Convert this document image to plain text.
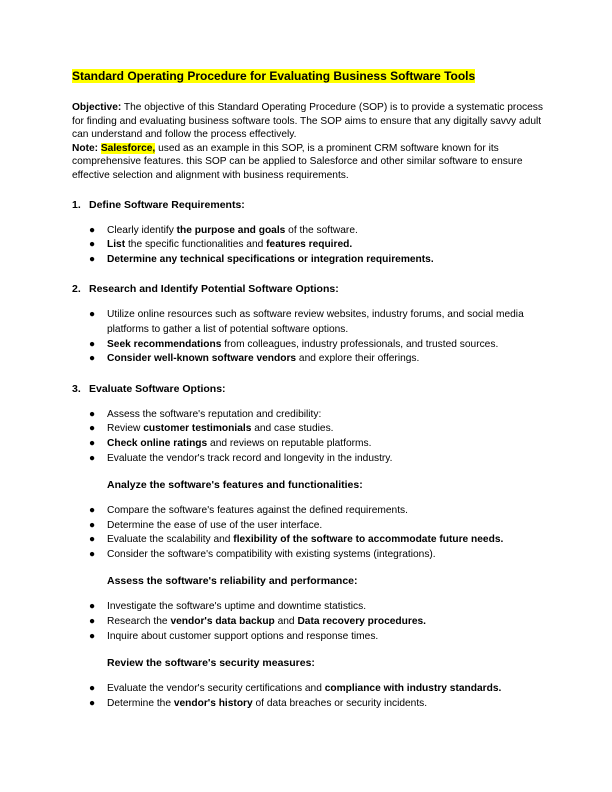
Standard Operating Procedure for Evaluating Business Software Tools

Objective: The objective of this Standard Operating Procedure (SOP) is to provide a systematic process for finding and evaluating business software tools. The SOP aims to ensure that any digitally savvy adult can understand and follow the process effectively.

Note: Salesforce, used as an example in this SOP, is a prominent CRM software known for its comprehensive features. this SOP can be applied to Salesforce and other similar software to ensure effective selection and alignment with business requirements.

1. Define Software Requirements:
● Clearly identify the purpose and goals of the software.
● List the specific functionalities and features required.
● Determine any technical specifications or integration requirements.
2. Research and Identify Potential Software Options:
● Utilize online resources such as software review websites, industry forums, and social media platforms to gather a list of potential software options.
● Seek recommendations from colleagues, industry professionals, and trusted sources.
● Consider well-known software vendors and explore their offerings.
3. Evaluate Software Options:
● Assess the software's reputation and credibility:
● Review customer testimonials and case studies.
● Check online ratings and reviews on reputable platforms.
● Evaluate the vendor's track record and longevity in the industry.
Analyze the software's features and functionalities:
● Compare the software's features against the defined requirements.
● Determine the ease of use of the user interface.
● Evaluate the scalability and flexibility of the software to accommodate future needs.
● Consider the software's compatibility with existing systems (integrations).
Assess the software's reliability and performance:
● Investigate the software's uptime and downtime statistics.
● Research the vendor's data backup and Data recovery procedures.
● Inquire about customer support options and response times.
Review the software's security measures:
● Evaluate the vendor's security certifications and compliance with industry standards.
● Determine the vendor's history of data breaches or security incidents.
